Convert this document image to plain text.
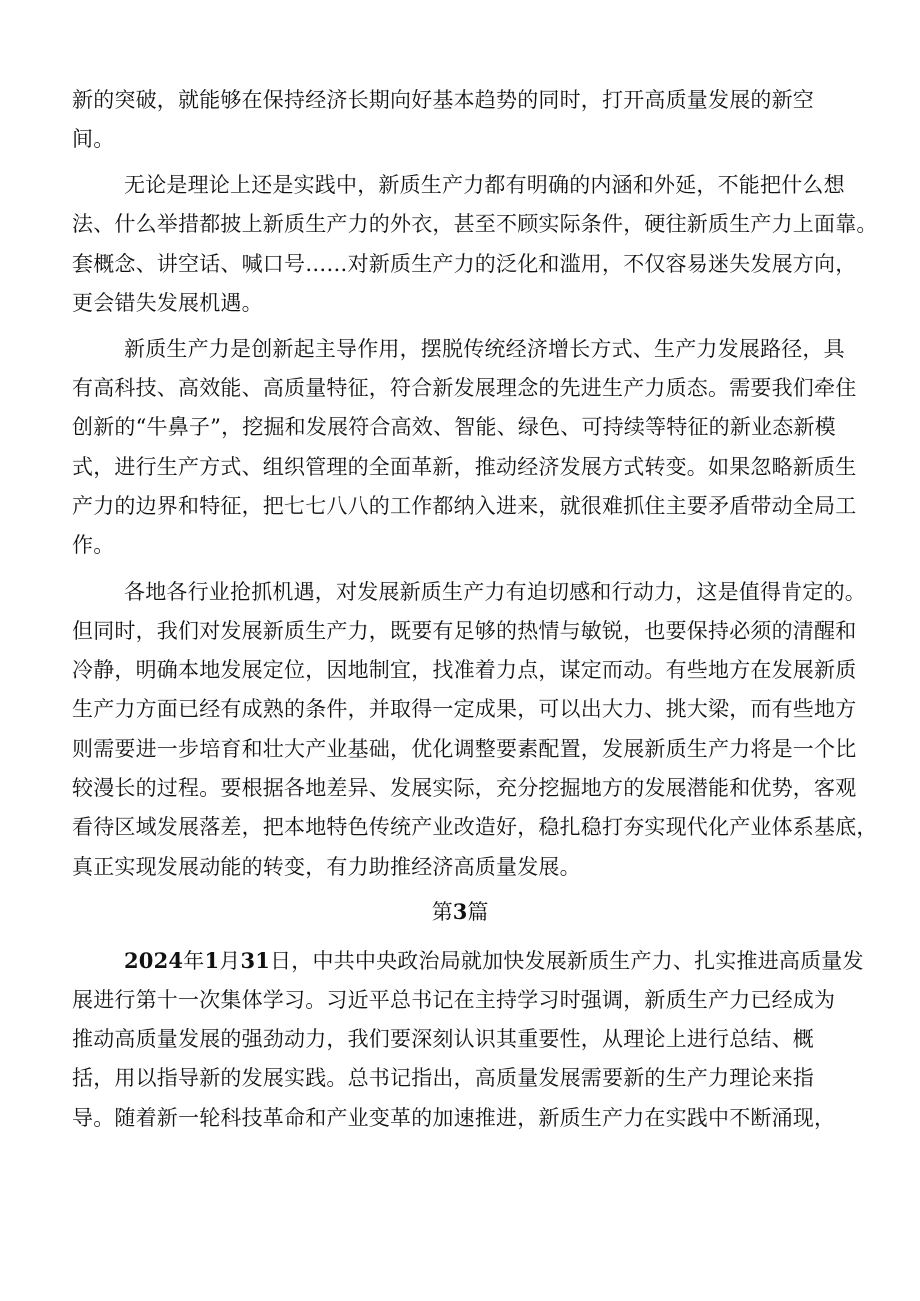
新的突破，就能够在保持经济长期向好基本趋势的同时，打开高质量发展的新空
间。
无论是理论上还是实践中，新质生产力都有明确的内涵和外延，不能把什么想
法、什么举措都披上新质生产力的外衣，甚至不顾实际条件，硬往新质生产力上面靠。
套概念、讲空话、喊口号……对新质生产力的泛化和滥用，不仅容易迷失发展方向，
更会错失发展机遇。
新质生产力是创新起主导作用，摆脱传统经济增长方式、生产力发展路径，具
有高科技、高效能、高质量特征，符合新发展理念的先进生产力质态。需要我们牵住
创新的“牛鼻子”，挖掘和发展符合高效、智能、绿色、可持续等特征的新业态新模
式，进行生产方式、组织管理的全面革新，推动经济发展方式转变。如果忽略新质生
产力的边界和特征，把七七八八的工作都纳入进来，就很难抓住主要矛盾带动全局工
作。
各地各行业抢抓机遇，对发展新质生产力有迫切感和行动力，这是值得肯定的。
但同时，我们对发展新质生产力，既要有足够的热情与敏锐，也要保持必须的清醒和
冷静，明确本地发展定位，因地制宜，找准着力点，谋定而动。有些地方在发展新质
生产力方面已经有成熟的条件，并取得一定成果，可以出大力、挑大梁，而有些地方
则需要进一步培育和壮大产业基础，优化调整要素配置，发展新质生产力将是一个比
较漫长的过程。要根据各地差异、发展实际，充分挖掘地方的发展潜能和优势，客观
看待区域发展落差，把本地特色传统产业改造好，稳扎稳打夯实现代化产业体系基底，
真正实现发展动能的转变，有力助推经济高质量发展。
第3篇
2024年1月31日，中共中央政治局就加快发展新质生产力、扎实推进高质量发
展进行第十一次集体学习。习近平总书记在主持学习时强调，新质生产力已经成为
推动高质量发展的强劲动力，我们要深刻认识其重要性，从理论上进行总结、概
括，用以指导新的发展实践。总书记指出，高质量发展需要新的生产力理论来指
导。随着新一轮科技革命和产业变革的加速推进，新质生产力在实践中不断涌现，
